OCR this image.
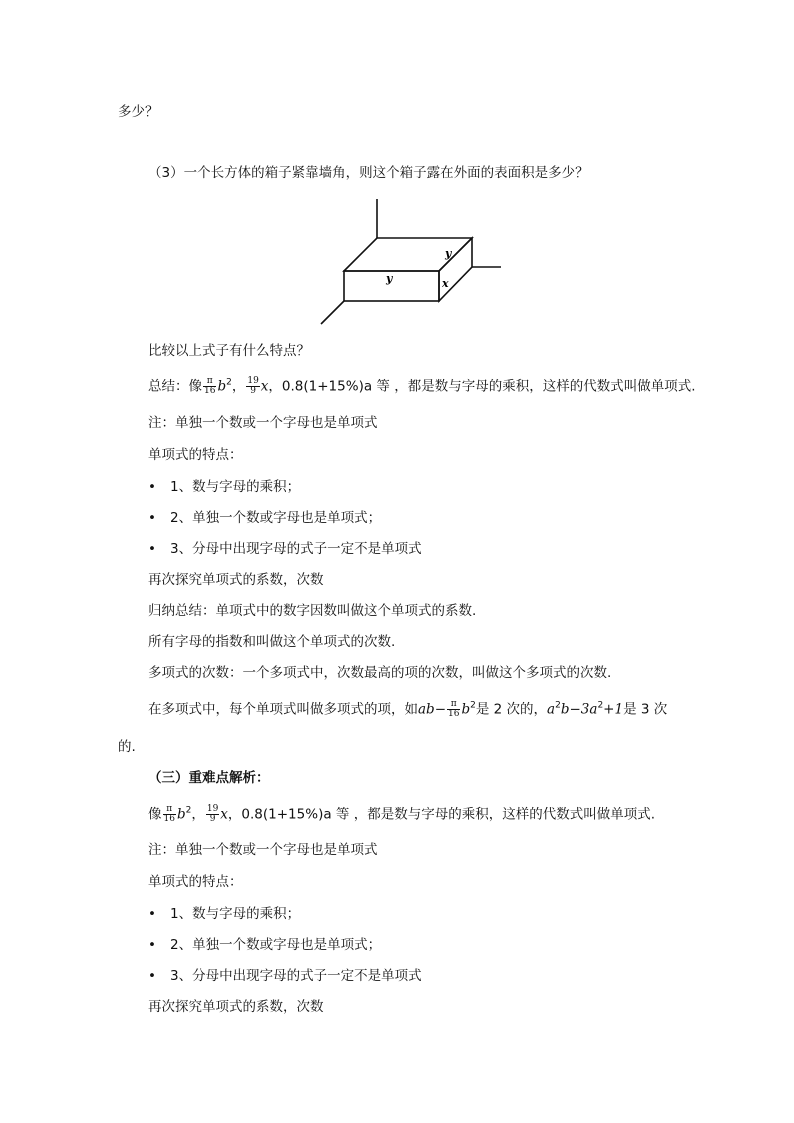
多少？
（3）一个长方体的箱子紧靠墙角，则这个箱子露在外面的表面积是多少？
y
y	x
比较以上式子有什么特点？
总结：像 $\frac{\pi}{16} b^2$， $\frac{19}{9}$ x，0.8(1+15%)a 等 ，都是数与字母的乘积，这样的代数式叫做单项式.
注：单独一个数或一个字母也是单项式
单项式的特点：
• 1、数与字母的乘积；
• 2、单独一个数或字母也是单项式；
• 3、分母中出现字母的式子一定不是单项式
再次探究单项式的系数，次数
归纳总结：单项式中的数字因数叫做这个单项式的系数.
所有字母的指数和叫做这个单项式的次数.
多项式的次数：一个多项式中，次数最高的项的次数，叫做这个多项式的次数.
在多项式中，每个单项式叫做多项式的项，如$ab- \frac{\pi}{16} b^2$是 2 次的，$a^2b-3a^2+1$是 3 次
的.
（三）重难点解析：
像 $\frac{\pi}{16} b^2$， $\frac{19}{9}$ x，0.8(1+15%)a 等 ，都是数与字母的乘积，这样的代数式叫做单项式.
注：单独一个数或一个字母也是单项式
单项式的特点：
• 1、数与字母的乘积；
• 2、单独一个数或字母也是单项式；
• 3、分母中出现字母的式子一定不是单项式
再次探究单项式的系数，次数
